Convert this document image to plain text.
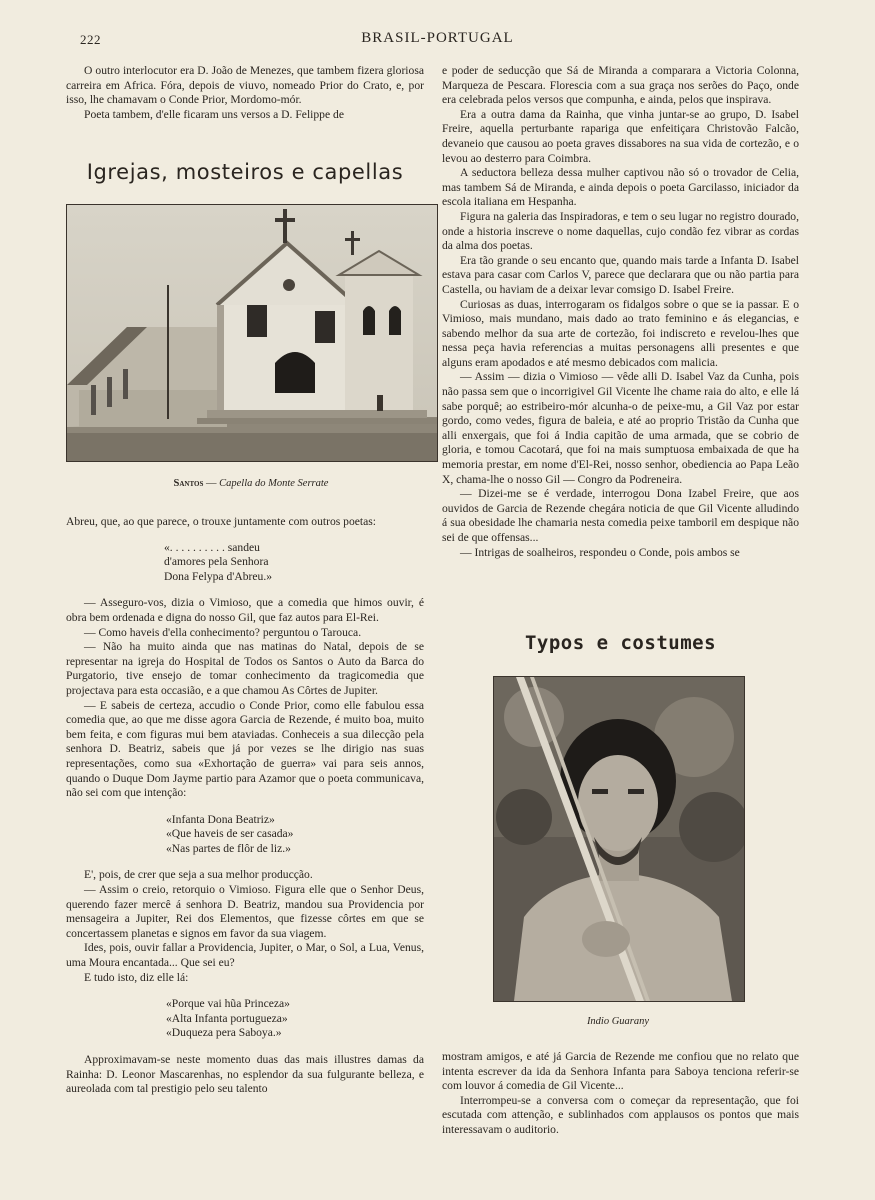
222	BRASIL-PORTUGAL

O outro interlocutor era D. João de Menezes, que tambem fizera gloriosa carreira em Africa. Fóra, depois de viuvo, nomeado Prior do Crato, e, por isso, lhe chamavam o Conde Prior, Mordomo-mór.

Poeta tambem, d'elle ficaram uns versos a D. Felippe de

Igrejas, mosteiros e capellas
Santos — Capella do Monte Serrate

Abreu, que, ao que parece, o trouxe juntamente com outros poetas:

«. . . . . . . . . . sandeu
d'amores pela Senhora
Dona Felypa d'Abreu.»

— Asseguro-vos, dizia o Vimioso, que a comedia que himos ouvir, é obra bem ordenada e digna do nosso Gil, que faz autos para El-Rei.

— Como haveis d'ella conhecimento? perguntou o Tarouca.

— Não ha muito ainda que nas matinas do Natal, depois de se representar na igreja do Hospital de Todos os Santos o Auto da Barca do Purgatorio, tive ensejo de tomar conhecimento da tragicomedia que projectava para esta occasião, e a que chamou As Côrtes de Jupiter.

— E sabeis de certeza, accudio o Conde Prior, como elle fabulou essa comedia que, ao que me disse agora Garcia de Rezende, é muito boa, muito bem feita, e com figuras mui bem ataviadas. Conheceis a sua dilecção pela senhora D. Beatriz, sabeis que já por vezes se lhe dirigio nas suas representações, como sua «Exhortação de guerra» vai para seis annos, quando o Duque Dom Jayme partio para Azamor que o poeta communicava, não sei com que intenção:

«Infanta Dona Beatriz»
«Que haveis de ser casada»
«Nas partes de flôr de liz.»

E', pois, de crer que seja a sua melhor producção.

— Assim o creio, retorquio o Vimioso. Figura elle que o Senhor Deus, querendo fazer mercê á senhora D. Beatriz, mandou sua Providencia por mensageira a Jupiter, Rei dos Elementos, que fizesse côrtes em que se concertassem planetas e signos em favor da sua viagem.

Ides, pois, ouvir fallar a Providencia, Jupiter, o Mar, o Sol, a Lua, Venus, uma Moura encantada... Que sei eu?

E tudo isto, diz elle lá:

«Porque vai hũa Princeza»
«Alta Infanta portugueza»
«Duqueza pera Saboya.»

Approximavam-se neste momento duas das mais illustres damas da Rainha: D. Leonor Mascarenhas, no esplendor da sua fulgurante belleza, e aureolada com tal prestigio pelo seu talento

e poder de seducção que Sá de Miranda a comparara a Victoria Colonna, Marqueza de Pescara. Florescia com a sua graça nos serões do Paço, onde era celebrada pelos versos que compunha, e ainda, pelos que inspirava.

Era a outra dama da Rainha, que vinha juntar-se ao grupo, D. Isabel Freire, aquella perturbante rapariga que enfeitiçara Christovão Falcão, devaneio que causou ao poeta graves dissabores na sua vida de cortezão, e o levou ao desterro para Coimbra.

A seductora belleza dessa mulher captivou não só o trovador de Celia, mas tambem Sá de Miranda, e ainda depois o poeta Garcilasso, iniciador da escola italiana em Hespanha.

Figura na galeria das Inspiradoras, e tem o seu lugar no registro dourado, onde a historia inscreve o nome daquellas, cujo condão fez vibrar as cordas da alma dos poetas.

Era tão grande o seu encanto que, quando mais tarde a Infanta D. Isabel estava para casar com Carlos V, parece que declarara que ou não partia para Castella, ou haviam de a deixar levar comsigo D. Isabel Freire.

Curiosas as duas, interrogaram os fidalgos sobre o que se ia passar. E o Vimioso, mais mundano, mais dado ao trato feminino e ás elegancias, e sabendo melhor da sua arte de cortezão, foi indiscreto e revelou-lhes que nessa peça havia referencias a muitas personagens alli presentes e que alguns eram apodados e até mesmo debicados com malicia.

— Assim — dizia o Vimioso — vêde alli D. Isabel Vaz da Cunha, pois não passa sem que o incorrigivel Gil Vicente lhe chame raia do alto, e elle lá sabe porquê; ao estribeiro-mór alcunha-o de peixe-mu, a Gil Vaz por estar gordo, como vedes, figura de baleia, e até ao proprio Tristão da Cunha que alli enxergais, que foi á India capitão de uma armada, que se cobrio de gloria, e tomou Cacotará, que foi na mais sumptuosa embaixada de que ha memoria prestar, em nome d'El-Rei, nosso senhor, obediencia ao Papa Leão X, chama-lhe o nosso Gil — Congro da Podreneira.

— Dizei-me se é verdade, interrogou Dona Izabel Freire, que aos ouvidos de Garcia de Rezende chegára noticia de que Gil Vicente alludindo á sua obesidade lhe chamaria nesta comedia peixe tamboril em despique não sei de que offensas...

— Intrigas de soalheiros, respondeu o Conde, pois ambos se

Typos e costumes
Indio Guarany

mostram amigos, e até já Garcia de Rezende me confiou que no relato que intenta escrever da ida da Senhora Infanta para Saboya tenciona referir-se com louvor á comedia de Gil Vicente...

Interrompeu-se a conversa com o começar da representação, que foi escutada com attenção, e sublinhados com applausos os pontos que mais interessavam o auditorio.
